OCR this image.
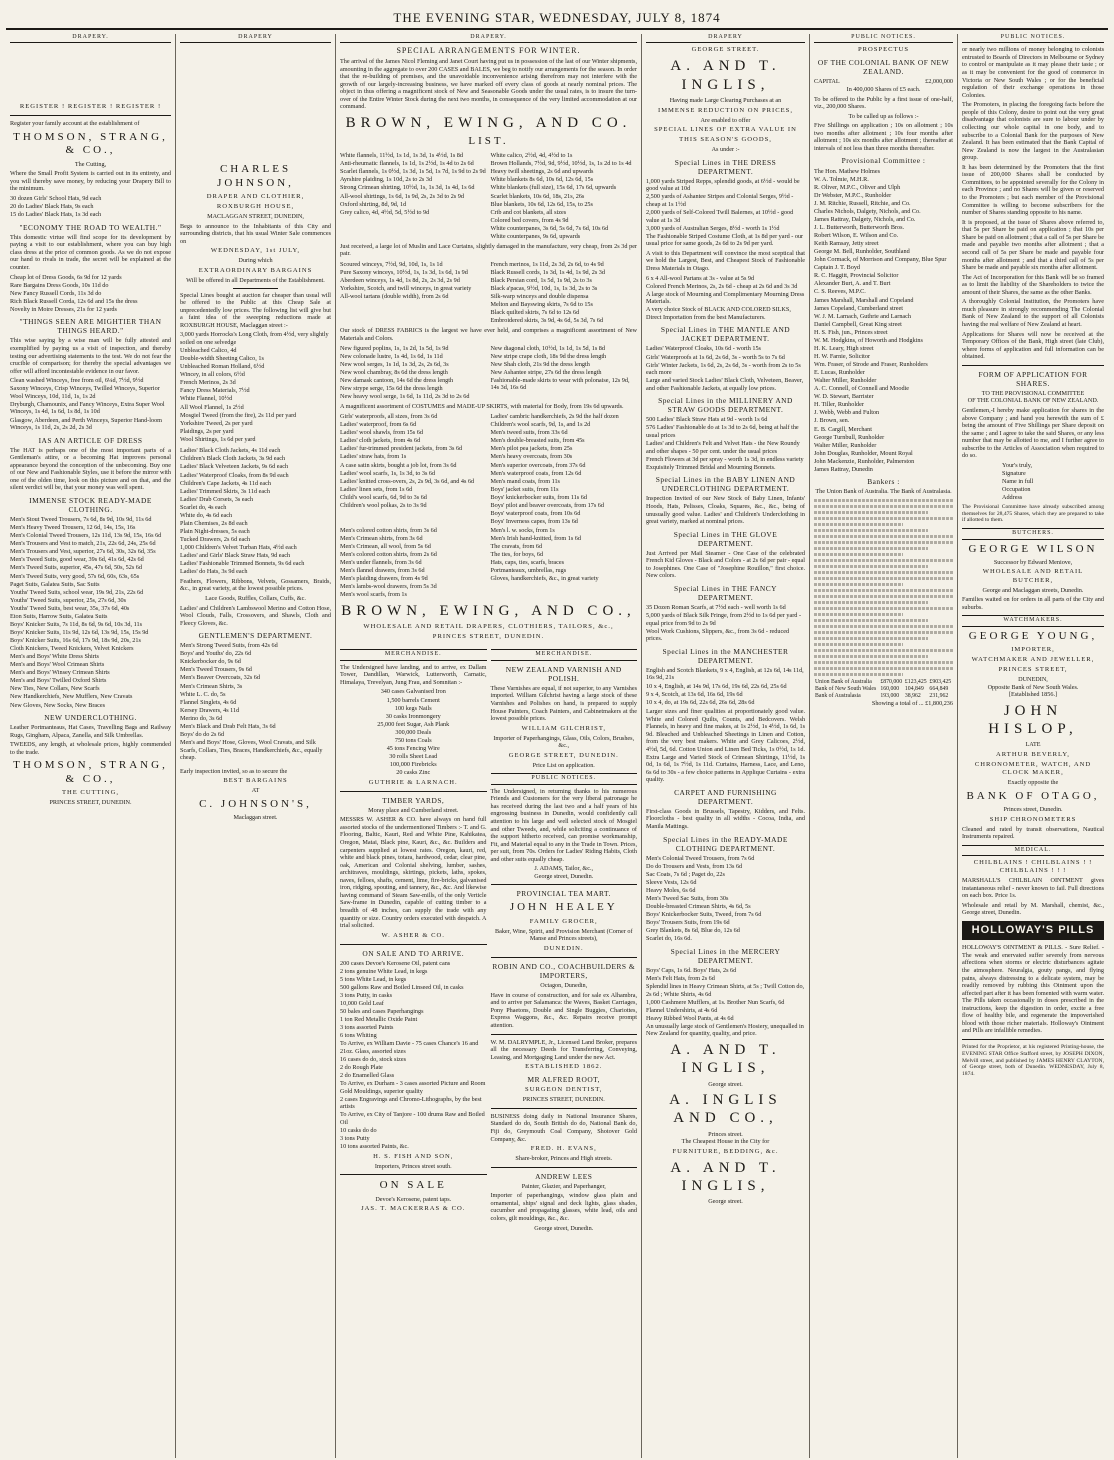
THE EVENING STAR, WEDNESDAY, JULY 8, 1874
DRAPERY.
REGISTER ! REGISTER ! REGISTER !
Register your family account at the establishment of
THOMSON, STRANG, & CO.,
The Cutting,
Where the Small Profit System is carried out in its entirety, and you will thereby save money, by reducing your Drapery Bill to the minimum.
30 dozen Girls' School Hats, 9d each
20 do Ladies' Black Hats, 9s each
15 do Ladies' Black Hats, 1s 3d each
"ECONOMY THE ROAD TO WEALTH."
This domestic virtue will find scope for its development by paying a visit to our establishment, where you can buy high class dress at the price of common goods. As we do not expose our hand to rivals in trade, the secret will be explained at the counter.
Cheap lot of Dress Goods, 6s 9d for 12 yards
Rare Bargains Dress Goods, 10s 11d do
New Fancy Russell Cords, 11s 3d do
Rich Black Russell Corda, 12s 6d and 15s the dress
Novelty in Moire Dresses, 21s for 12 yards
"THINGS SEEN ARE MIGHTIER THAN THINGS HEARD."
This wise saying by a wise man will be fully attested and exemplified by paying us a visit of inspection, and thereby testing our advertising statements to the test. We do not fear the crucible of comparison; for thereby the special advantages we offer will afford incontestable evidence in our favor.
Clean washed Winceys, free from oil, 6¼d, 7½d, 9½d
Saxony Winceys, Crisp Winceys, Twilled Winceys, Superior Wool Winceys, 10d, 11d, 1s, 1s 2d
Dryburgh, Chamounix, and Fancy Winceys, Extra Super Wool Winceys, 1s 4d, 1s 6d, 1s 8d, 1s 10d
Glasgow, Aberdeen, and Perth Winceys, Superior Hand-loom Winceys, 1s 11d, 2s, 2s 2d, 2s 3d
IAS AN ARTICLE OF DRESS
The HAT is perhaps one of the most important parts of a Gentleman's attire, or a becoming Hat improves personal appearance beyond the conception of the unbecoming. Buy one of our New and Fashionable Styles, use it before the mirror with one of the olden time, look on this picture and on that, and the silent verdict will be, that your money was well spent.
IMMENSE STOCK READY-MADE CLOTHING.
Men's Stout Tweed Trousers, 7s 6d, 8s 9d, 10s 9d, 11s 6d
Men's Heavy Tweed Trousers, 12 6d, 14s, 15s, 16s
Men's Colonial Tweed Trousers, 12s 11d, 13s 9d, 15s, 16s 6d
Men's Trousers and Vest to match, 21s, 22s 6d, 24s, 25s 6d
Men's Trousers and Vest, superior, 27s 6d, 30s, 32s 6d, 35s
Men's Tweed Suits, good wear, 39s 6d, 41s 6d, 42s 6d
Men's Tweed Suits, superior, 45s, 47s 6d, 50s, 52s 6d
Men's Tweed Suits, very good, 57s 6d, 60s, 63s, 65s
Paget Suits, Galatea Suits, Sac Suits
Youths' Tweed Suits, school wear, 19s 9d, 21s, 22s 6d
Youths' Tweed Suits, superior, 25s, 27s 6d, 30s
Youths' Tweed Suits, best wear, 35s, 37s 6d, 40s
Eton Suits, Harrow Suits, Galatea Suits
Boys' Knicker Suits, 7s 11d, 8s 6d, 9s 6d, 10s 3d, 11s
Boys' Knicker Suits, 11s 9d, 12s 6d, 13s 9d, 15s, 15s 9d
Boys' Knicker Suits, 16s 6d, 17s 9d, 18s 9d, 20s, 21s
Cloth Knickers, Tweed Knickers, Velvet Knickers
Men's and Boys' White Dress Shirts
Men's and Boys' Wool Crimean Shirts
Men's and Boys' Winsey Crimean Shirts
Men's and Boys' Twilled Oxford Shirts
New Ties, New Collars, New Scarfs
New Handkerchiefs, New Mufflers, New Cravats
New Gloves, New Socks, New Braces
NEW UNDERCLOTHING.
Leather Portmanteaus, Hat Cases, Travelling Bags and Railway Rugs, Gingham, Alpaca, Zanella, and Silk Umbrellas.
TWEEDS, any length, at wholesale prices, highly commended to the trade.
THOMSON, STRANG, & CO.,
THE CUTTING,
PRINCES STREET, DUNEDIN.
DRAPERY
CHARLES JOHNSON,
DRAPER AND CLOTHIER,
ROXBURGH HOUSE,
MACLAGGAN STREET, DUNEDIN,
Begs to announce to the Inhabitants of this City and surrounding districts, that his usual Winter Sale commences on
WEDNESDAY, 1st JULY,
During which
EXTRAORDINARY BARGAINS
Will be offered in all Departments of the Establishment.
Special Lines bought at auction far cheaper than usual will be offered to the Public at this Cheap Sale at unprecedentedly low prices. The following list will give but a faint idea of the sweeping reductions made at ROXBURGH HOUSE, Maclaggan street :-
3,000 yards Horrocks's Long Cloth, from 4½d, very slightly soiled on one selvedge
Unbleached Calico, 4d
Double-width Sheeting Calico, 1s
Unbleached Roman Holland, 6½d
Wincey, in all colors, 6½d
French Merinos, 2s 3d
Fancy Dress Materials, 7½d
White Flannel, 10½d
All Wool Flannel, 1s 2½d
Mosgiel Tweed (from the fire), 2s 11d per yard
Yorkshire Tweed, 2s per yard
Plaidings, 2s per yard
Wool Shirtings, 1s 6d per yard
Ladies' Black Cloth Jackets, 4s 11d each
Children's Black Cloth Jackets, 3s 9d each
Ladies' Black Velveteen Jackets, 9s 6d each
Ladies' Waterproof Cloaks, from 8s 9d each
Children's Cape Jackets, 4s 11d each
Ladies' Trimmed Skirts, 3s 11d each
Ladies' Drab Corsets, 3s each
Scarlet do, 4s each
White do, 4s 6d each
Plain Chemises, 2s 8d each
Plain Night-dresses, 5s each
Tucked Drawers, 2s 6d each
1,000 Children's Velvet Turban Hats, 4½d each
Ladies' and Girls' Black Straw Hats, 9d each
Ladies' Fashionable Trimmed Bonnets, 9s 6d each
Ladies' do Hats, 3s 9d each
Feathers, Flowers, Ribbons, Velvets, Gossamers, Braids, &c., in great variety, at the lowest possible prices.
Lace Goods, Ruffles, Collars, Cuffs, &c.
Ladies' and Children's Lambswool Merino and Cotton Hose, Wool Clouds, Falls, Crossovers, and Shawls, Cloth and Fleecy Gloves, &c.
GENTLEMEN'S DEPARTMENT.
Men's Strong Tweed Suits, from 42s 6d
Boys' and Youths' do, 22s 6d
Knickerbocker do, 9s 6d
Men's Tweed Trousers, 9s 6d
Men's Beaver Overcoats, 32s 6d
Men's Crimean Shirts, 3s
White L. C. do, 5s
Flannel Singlets, 4s 6d
Kersey Drawers, 4s 11d
Merino do, 3s 6d
Men's Black and Drab Felt Hats, 3s 6d
Boys' do do 2s 6d
Men's and Boys' Hose, Gloves, Wool Cravats, and Silk Scarfs, Collars, Ties, Braces, Handkerchiefs, &c., equally cheap.
Early inspection invited, so as to secure the
BEST BARGAINS
AT
C. JOHNSON'S,
Maclaggan street.
DRAPERY.
SPECIAL ARRANGEMENTS FOR WINTER.
The arrival of the James Nicol Fleming and Janet Court having put us in possession of the last of our Winter shipments, amounting in the aggregate to over 200 CASES and BALES, we beg to notify our arrangements for the season. In order that the re-building of premises, and the unavoidable inconvenience arising therefrom may not interfere with the growth of our largely-increasing business, we have marked off every class of goods at nearly nominal prices. The object in thus offering a magnificent stock of New and Seasonable Goods under the usual rates, is to insure the turn-over of the Entire Winter Stock during the next two months, in consequence of the very limited accommodation at our command.
BROWN, EWING, AND CO.
LIST.
White flannels, 11½d, 1s 1d, 1s 3d, 1s 4½d, 1s 8d
Anti-rheumatic flannels, 1s 1d, 1s 2½d, 1s 4d to 2s 6d
Scarlet flannels, 1s 0½d, 1s 3d, 1s 5d, 1s 7d, 1s 9d to 2s 9d
Ayrshire plaiding, 1s 10d, 2s to 2s 3d
Strong Crimean shirting, 10½d, 1s, 1s 3d, 1s 4d, 1s 6d
All-wool shirtings, 1s 6d, 1s 9d, 2s, 2s 3d to 2s 9d
Oxford shirting, 8d, 9d, 1d
Grey calico, 4d, 4½d, 5d, 5½d to 9d
White calico, 2½d, 4d, 4½d to 1s
Brown Hollands, 7½d, 9d, 9½d, 10½d, 1s, 1s 2d to 1s 4d
Heavy twill sheetings, 2s 6d and upwards
White blankets 8s 6d, 10s 6d, 12s 6d, 15s
White blankets (full size), 15s 6d, 17s 6d, upwards
Scarlet blankets, 10s 6d, 18s, 21s, 26s
Blue blankets, 10s 6d, 12s 6d, 15s, to 25s
Crib and cot blankets, all sizes
Colored bed covers, from 4s 9d
White counterpanes, 3s 6d, 5s 6d, 7s 6d, 10s 6d
White counterpanes, 9s 6d, upwards
Just received, a large lot of Muslin and Lace Curtains, slightly damaged in the manufacture, very cheap, from 2s 3d per pair.
Scoured winceys, 7½d, 9d, 10d, 1s, 1s 1d
Pure Saxony winceys, 10½d, 1s, 1s 3d, 1s 6d, 1s 9d
Aberdeen winceys, 1s 4d, 1s 8d, 2s, 2s 3d, 2s 9d
Yorkshire, Scotch, and twill winceys, in great variety
All-wool tartans (double width), from 2s 6d
French merinos, 1s 11d, 2s 3d, 2s 6d, to 4s 9d
Black Russell cords, 1s 3d, 1s 4d, 1s 9d, 2s 3d
Black Persian cord, 1s 5d, 1s 9d, 2s to 3s
Black a'pacas, 9½d, 10d, 1s, 1s 3d, 2s to 3s
Silk-warp winceys and double dispensa
Melton and Bayswing skirts, 7s 6d to 15s
Black quilted skirts, 7s 6d to 12s 6d
Embroidered skirts, 3s 9d, 4s 6d, 5s 3d, 7s 6d
Our stock of DRESS FABRICS is the largest we have ever held, and comprises a magnificent assortment of New Materials and Colors.
New figured poplins, 1s, 1s 2d, 1s 5d, 1s 9d
New colonade lustre, 1s 4d, 1s 6d, 1s 11d
New wool serges, 1s 1d, 1s 3d, 2s, 2s 6d, 3s
New wool chambray, 8s 6d the dress length
New damask cantoon, 14s 6d the dress length
New strype serge, 15s 6d the dress length
New heavy wool serge, 1s 6d, 1s 11d, 2s 3d to 2s 6d
New diagonal cloth, 10½d, 1s 1d, 1s 5d, 1s 8d
New stripe crape cloth, 18s 9d the dress length
New Shah cloth, 21s 9d the dress length
New Ashantee stripe, 27s 6d the dress length
Fashionable-made skirts to wear with polonaise, 12s 9d, 14s 3d, 16s 6d
A magnificent assortment of COSTUMES and MADE-UP SKIRTS, with material for Body, from 19s 6d upwards.
Girls' waterproofs, all sizes, from 3s 6d
Ladies' waterproof, from 6s 6d
Ladies' wool shawls, from 15s 6d
Ladies' cloth jackets, from 4s 6d
Ladies' fur-trimmed president jackets, from 3s 6d
Ladies' straw hats, from 1s
A case satin skirts, bought a job lot, from 3s 6d
Ladies' wool scarfs, 1s, 1s 3d, to 3s 6d
Ladies' knitted cross-overs, 2s, 2s 9d, 3s 6d, and 4s 6d
Ladies' linen sets, from 1s 6d
Child's wool scarfs, 6d, 9d to 3s 6d
Children's wool polkas, 2s to 3s 9d
Ladies' cambric handkerchiefs, 2s 9d the half dozen
Children's wool scarfs, 9d, 1s, and 1s 2d
Men's tweed suits, from 33s 6d
Men's double-breasted suits, from 45s
Men's pilot pea jackets, from 25s
Men's heavy overcoats, from 30s
Men's superior overcoats, from 37s 6d
Men's waterproof coats, from 12s 6d
Men's mand coats, from 11s
Boys' jacket suits, from 11s
Boys' knickerbocker suits, from 11s 6d
Boys' pilot and beaver overcoats, from 17s 6d
Boys' waterproof coats, from 10s 6d
Boys' Inverness capes, from 13s 6d
Men's colored cotton shirts, from 3s 6d
Men's Crimean shirts, from 3s 6d
Men's Crimean, all wool, from 5s 6d
Men's colored cotton shirts, from 2s 6d
Men's under flannels, from 3s 6d
Men's flannel drawers, from 3s 6d
Men's plaiding drawers, from 4s 9d
Men's lambs-wool drawers, from 5s 3d
Men's wool scarfs, from 1s
Men's l. w. socks, from 1s
Men's Irish hand-knitted, from 1s 6d
The cravats, from 6d
The ties, for boys, 6d
Hats, caps, ties, scarfs, braces
Portmanteaux, umbrellas, rugs
Gloves, handkerchiefs, &c., in great variety
BROWN, EWING, AND CO.,
WHOLESALE AND RETAIL DRAPERS, CLOTHIERS, TAILORS, &c.,
PRINCES STREET, DUNEDIN.
MERCHANDISE.
The Undersigned have landing, and to arrive, ex Dallam Tower, Dandillan, Warwick, Lutterworth, Carnatic, Himalaya, Trevelyan, Jung Frau, and Somnitan :-
340 cases Galvanised Iron
1,500 barrels Cement
100 kegs Nails
30 casks Ironmongery
25,000 feet Sugar, Ash Plank
300,000 Deals
750 tons Coals
45 tons Fencing Wire
30 rolls Sheet Lead
100,000 Firebricks
20 casks Zinc
GUTHRIE & LARNACH.
TIMBER YARDS,
Moray place and Cumberland street.
MESSRS W. ASHER & CO. have always on hand full assorted stocks of the undermentioned Timbers :- T. and G. Flooring, Baltic, Kauri, Red and White Pine, Kahikatea, Oregon, Matai, Black pine, Kauri, &c., &c. Builders and carpenters supplied at lowest rates. Oregon, kauri, red, white and black pines, totara, hardwood, cedar, clear pine, oak, American and Colonial shelving, lumber, sashes, architraves, mouldings, skirtings, pickets, laths, spokes, naves, felloes, shafts, cement, lime, fire-bricks, galvanised iron, ridging, spouting, and tannery, &c., &c. And likewise having command of Steam Saw-mills, of the only Verticle Saw-frame in Dunedin, capable of cutting timber to a breadth of 48 inches, can supply the trade with any quantity or size. Country orders executed with despatch. A trial solicited.
W. ASHER & CO.
ON SALE AND TO ARRIVE.
200 cases Devoe's Kerosene Oil, patent cans
2 tons genuine White Lead, in kegs
5 tons White Lead, in kegs
500 gallons Raw and Boiled Linseed Oil, in casks
3 tons Putty, in casks
10,000 Gold Leaf
50 bales and cases Paperhangings
1 ton Red Metallic Oxide Paint
3 tons assorted Paints
6 tons Whiting
To Arrive, ex William Davie - 75 cases Chance's 16 and 21oz. Glass, assorted sizes
16 cases do do, stock sizes
2 do Rough Plate
2 do Enamelled Glass
To Arrive, ex Durham - 3 cases assorted Picture and Room Gold Mouldings, superior quality
2 cases Engravings and Chromo-Lithographs, by the best artists
To Arrive, ex City of Tanjore - 100 drums Raw and Boiled Oil
10 casks do do
3 tons Putty
10 tons assorted Paints, &c.
H. S. FISH AND SON,
Importers, Princes street south.
ON SALE
Devoe's Kerosene, patent taps.
JAS. T. MACKERRAS & CO.
MERCHANDISE.
NEW ZEALAND VARNISH AND POLISH.
These Varnishes are equal, if not superior, to any Varnishes imported. William Gilchrist having a large stock of these Varnishes and Polishes on hand, is prepared to supply House Painters, Coach Painters, and Cabinetmakers at the lowest possible prices.
WILLIAM GILCHRIST,
Importer of Paperhangings, Glass, Oils, Colors, Brushes, &c.,
GEORGE STREET, DUNEDIN.
Price List on application.
PUBLIC NOTICES.
The Undersigned, in returning thanks to his numerous Friends and Customers for the very liberal patronage he has received during the last two and a half years of his engrossing business in Dunedin, would confidently call attention to his large and well selected stock of Mosgiel and other Tweeds, and, while soliciting a continuance of the support hitherto received, can promise workmanship, Fit, and Material equal to any in the Trade in Town. Prices, per suit, from 70s. Orders for Ladies' Riding Habits, Cloth and other suits equally cheap.
J. ADAMS, Tailor, &c.,
George street, Dunedin.
PROVINCIAL TEA MART.
JOHN HEALEY
FAMILY GROCER,
Baker, Wine, Spirit, and Provision Merchant (Corner of Manse and Princes streets),
DUNEDIN.
ROBIN AND CO., COACHBUILDERS & IMPORTERS,
Octagon, Dunedin,
Have in course of construction, and for sale ex Alhambra, and to arrive per Salamanca: the Waves, Basket Carriages, Pony Phaetons, Double and Single Buggies, Chariottes, Express Waggons, &c., &c. Repairs receive prompt attention.
W. M. DALRYMPLE, Jr., Licensed Land Broker, prepares all the necessary Deeds for Transferring, Conveying, Leasing, and Mortgaging Land under the new Act.
ESTABLISHED 1862.
MR ALFRED ROOT,
SURGEON DENTIST,
PRINCES STREET, DUNEDIN.
BUSINESS doing daily in National Insurance Shares, Standard do do, South British do do, National Bank do, Fiji do, Greymouth Coal Company, Shotover Gold Company, &c.
FRED. H. EVANS,
Share-broker, Princes and High streets.
ANDREW LEES
Painter, Glazier, and Paperhanger,
Importer of paperhangings, window glass plain and ornamental, ships' signal and deck lights, glass shades, cucumber and propagating glasses, white lead, oils and colors, gilt mouldings, &c., &c.
George street, Dunedin.
DRAPERY
GEORGE STREET.
A. AND T. INGLIS,
Having made Large Clearing Purchases at an
IMMENSE REDUCTION ON PRICES,
Are enabled to offer
SPECIAL LINES OF EXTRA VALUE IN
THIS SEASON'S GOODS,
As under :-
Special Lines in THE DRESS DEPARTMENT.
1,000 yards Striped Repps, splendid goods, at 6½d - would be good value at 10d
2,500 yards of Ashantee Stripes and Colonial Serges, 9½d - cheap at 1s 1½d
2,000 yards of Self-Colored Twill Balernes, at 10½d - good value at 1s 3d
3,000 yards of Australian Serges, 8½d - worth 1s 1½d
The Fashionable Striped Costume Cloth, at 1s 8d per yard - our usual price for same goods, 2s 6d to 2s 9d per yard.
A visit to this Department will convince the most sceptical that we hold the Largest, Best, and Cheapest Stock of Fashionable Dress Materials in Otago.
6 x 4 All-wool Partans at 3s - value at 5s 9d
Colored French Merinos, 2s, 2s 6d - cheap at 2s 6d and 3s 3d
A large stock of Mourning and Complimentary Mourning Dress Materials.
A very choice Stock of BLACK AND COLORED SILKS, Direct Importation from the best Manufacturers.
Special Lines in THE MANTLE AND JACKET DEPARTMENT.
Ladies' Waterproof Cloaks, 10s 6d - worth 15s
Girls' Waterproofs at 1s 6d, 2s 6d, 3s - worth 5s to 7s 6d
Girls' Winter Jackets, 1s 6d, 2s, 2s 6d, 3s - worth from 2s to 5s each more
Large and varied Stock Ladies' Black Cloth, Velveteen, Beaver, and other Fashionable Jackets, at equally low prices.
Special Lines in the MILLINERY AND STRAW GOODS DEPARTMENT.
500 Ladies' Black Straw Hats at 9d - worth 1s 6d
576 Ladies' Fashionable do at 1s 3d to 2s 6d, being at half the usual prices
Ladies' and Children's Felt and Velvet Hats - the New Roundy and other shapes - 50 per cent. under the usual prices
French Flowers at 3d per spray - worth 1s 3d, in endless variety
Exquisitely Trimmed Bridal and Mourning Bonnets.
Special Lines in the BABY LINEN AND UNDERCLOTHING DEPARTMENT.
Inspection Invited of our New Stock of Baby Linen, Infants' Hoods, Hats, Pelisses, Cloaks, Squares, &c., &c., being of unusually good value. Ladies' and Children's Underclothing in great variety, marked at nominal prices.
Special Lines in THE GLOVE DEPARTMENT.
Just Arrived per Mail Steamer - One Case of the celebrated French Kid Gloves - Black and Colors - at 2s 6d per pair - equal to Josephines. One Case of "Josephine Rouillon," first choice. New colors.
Special Lines in THE FANCY DEPARTMENT.
35 Dozen Roman Scarfs, at 7½d each - well worth 1s 6d
5,000 yards of Black Silk Fringe, from 2½d to 1s 6d per yard - equal price from 9d to 2s 9d
Wool Work Cushions, Slippers, &c., from 3s 6d - reduced prices.
Special Lines in the MANCHESTER DEPARTMENT.
English and Scotch Blankets, 9 x 4, English, at 12s 6d, 14s 11d, 16s 9d, 21s
10 x 4, English, at 14s 9d, 17s 6d, 19s 6d, 22s 6d, 25s 6d
9 x 4, Scotch, at 13s 6d, 16s 6d, 19s 6d
10 x 4, do, at 19s 6d, 22s 6d, 26s 6d, 28s 6d
Larger sizes and finer qualities at proportionately good value. White and Colored Quilts, Counts, and Bedcovers. Welsh Flannels, in heavy and fine makes, at 1s 2½d, 1s 4½d, 1s 6d, 1s 9d. Bleached and Unbleached Sheetings in Linen and Cotton, from the very best makers. White and Grey Calicoes, 2½d, 4½d, 5d, 6d. Cotton Union and Linen Bed Ticks, 1s 0½d, 1s 1d. Extra Large and Varied Stock of Crimean Shirtings, 11½d, 1s 0d, 1s 6d, 1s 7½d, 1s 11d. Curtains, Harness, Lace, and Leno, 6s 6d to 30s - a few choice patterns in Applique Curtains - extra quality.
CARPET AND FURNISHING DEPARTMENT.
First-class Goods in Brussels, Tapestry, Kidders, and Felts. Floorcloths - best quality in all widths - Cocoa, India, and Manila Mattings.
Special Lines in the READY-MADE CLOTHING DEPARTMENT.
Men's Colonial Tweed Trousers, from 7s 6d
Do do Trousers and Vests, from 13s 6d
Sac Coats, 7s 6d ; Paget do, 22s
Sleeve Vests, 12s 6d
Heavy Moles, 6s 6d
Men's Tweed Sac Suits, from 30s
Double-breasted Crimean Shirts, 4s 6d, 5s
Boys' Knickerbocker Suits, Tweed, from 7s 6d
Boys' Trousers Suits, from 19s 6d
Grey Blankets, 8s 6d, Blue do, 12s 6d
Scarlet do, 16s 6d.
Special Lines in the MERCERY DEPARTMENT.
Boys' Caps, 1s 6d. Boys' Hats, 2s 6d
Men's Felt Hats, from 2s 6d
Splendid lines in Heavy Crimean Shirts, at 5s ; Twill Cotton do, 2s 6d ; White Shirts, 4s 6d
1,000 Cashmere Mufflers, at 1s. Brother Nun Scarfs, 6d
Flannel Undershirts, at 4s 6d
Heavy Ribbed Wool Pants, at 4s 6d
An unusually large stock of Gentlemen's Hosiery, unequalled in New Zealand for quantity, quality, and price.
A. AND T. INGLIS,
George street.
A. INGLIS AND CO.,
Princes street.
The Cheapest House in the City for
FURNITURE, BEDDING, &c.
A. AND T. INGLIS,
George street.
PUBLIC NOTICES.
PROSPECTUS
OF THE COLONIAL BANK OF NEW ZEALAND.
CAPITAL	£2,000,000
In 400,000 Shares of £5 each.
To be offered to the Public by a first issue of one-half, viz., 200,000 Shares.
To be called up as follows :-
Five Shillings on application ; 10s on allotment ; 10s two months after allotment ; 10s four months after allotment ; 10s six months after allotment ; thereafter at intervals of not less than three months thereafter.
Provisional Committee :
The Hon. Mathew Holmes
W. A. Tolmie, M.H.R.
R. Oliver, M.P.C., Oliver and Ulph
Dr Webster, M.P.C., Runholder
J. M. Ritchie, Russell, Ritchie, and Co.
Charles Nichols, Dalgety, Nichols, and Co.
James Rattray, Dalgety, Nichols, and Co.
J. L. Butterworth, Butterworth Bros.
Robert Wilson, E. Wilson and Co.
Keith Ramsay, Jetty street
George M. Bell, Runholder, Southland
John Cormack, of Morrison and Company, Blue Spur
Captain J. T. Boyd
R. C. Haggitt, Provincial Solicitor
Alexander Burt, A. and T. Burt
C. S. Reeves, M.P.C.
James Marshall, Marshall and Copeland
James Copeland, Cumberland street
W. J. M. Larnach, Guthrie and Larnach
Daniel Campbell, Great King street
H. S. Fish, jun., Princes street
W. M. Hodgkins, of Howorth and Hodgkins
H. K. Leary, High street
H. W. Farnie, Solicitor
Wm. Fraser, of Strode and Fraser, Runholders
E. Lucas, Runholder
Walter Miller, Runholder
A. C. Connell, of Connell and Moodie
W. D. Stewart, Barrister
H. Tiller, Runholder
J. Webb, Webb and Fulton
J. Brown, sen.
E. B. Cargill, Merchant
George Turnbull, Runholder
Walter Miller, Runholder
John Douglas, Runholder, Mount Royal
John Mackenzie, Runholder, Palmerston
James Rattray, Dunedin
Bankers :
The Union Bank of Australia. The Bank of Australasia.
Union Bank of Australia	£870,000	£123,425	£903,425
Bank of New South Wales	160,000	104,849	664,849
Bank of Australasia	193,000	38,962	231,962
Showing a total of ... £1,800,236
PUBLIC NOTICES.
or nearly two millions of money belonging to colonists entrusted to Boards of Directors in Melbourne or Sydney to control or manipulate as it may please their taste ; or as it may be convenient for the good of commerce in Victoria or New South Wales ; or for the beneficial regulation of their exchange operations in those Colonies.
The Promoters, in placing the foregoing facts before the people of this Colony, desire to point out the very great disadvantage that colonists are sure to labour under by collecting our whole capital in one body, and to subscribe to a Colonial Bank for the purposes of New Zealand. It has been estimated that the Bank Capital of New Zealand is now the largest in the Australasian group.
It has been determined by the Promoters that the first issue of 200,000 Shares shall be conducted by Committees, to be appointed severally for the Colony in each Province ; and no Shares will be given or reserved to the Promoters ; but each member of the Provisional Committee is willing to become subscribers for the number of Shares standing opposite to his name.
It is proposed, at the issue of Shares above referred to, that 5s per Share be paid on application ; that 10s per Share be paid on allotment ; that a call of 5s per Share be made and payable two months after allotment ; that a second call of 5s per Share be made and payable four months after allotment ; and that a third call of 5s per Share be made and payable six months after allotment.
The Act of Incorporation for this Bank will be so framed as to limit the liability of the Shareholders to twice the amount of their Shares, the same as the other Banks.
A thoroughly Colonial Institution, the Promoters have much pleasure in strongly recommending The Colonial Bank of New Zealand to the support of all Colonists having the real welfare of New Zealand at heart.
Applications for Shares will now be received at the Temporary Offices of the Bank, High street (late Club), where forms of application and full information can be obtained.
FORM OF APPLICATION FOR SHARES.
TO THE PROVISIONAL COMMITTEE
OF THE COLONIAL BANK OF NEW ZEALAND.
Gentlemen,-I hereby make application for shares in the above Company ; and hand you herewith the sum of £ being the amount of Five Shillings per Share deposit on the same ; and I agree to take the said Shares, or any less number that may be allotted to me, and I further agree to subscribe to the Articles of Association when required to do so.
Your's truly,
Signature
Name in full
Occupation
Address
The Provisional Committee have already subscribed among themselves for 28,475 Shares, which they are prepared to take if allotted to them.
BUTCHERS.
GEORGE WILSON
Successor by Edward Meniove,
WHOLESALE AND RETAIL BUTCHER,
George and Maclaggan streets, Dunedin.
Families waited on for orders in all parts of the City and suburbs.
WATCHMAKERS.
GEORGE YOUNG,
IMPORTER,
WATCHMAKER AND JEWELLER,
PRINCES STREET,
DUNEDIN,
Opposite Bank of New South Wales.
[Established 1856.]
JOHN HISLOP,
LATE
ARTHUR BEVERLY,
CHRONOMETER, WATCH, AND CLOCK MAKER,
Exactly opposite the
BANK OF OTAGO,
Princes street, Dunedin.
SHIP CHRONOMETERS
Cleaned and rated by transit observations, Nautical Instruments repaired.
MEDICAL.
CHILBLAINS ! CHILBLAINS ! ! CHILBLAINS ! ! !
MARSHALL'S CHILBLAIN OINTMENT gives instantaneous relief - never known to fail. Full directions on each box. Price 1s.
Wholesale and retail by M. Marshall, chemist, &c., George street, Dunedin.
HOLLOWAY'S PILLS
HOLLOWAY'S OINTMENT & PILLS. - Sure Relief. - The weak and enervated suffer severely from nervous affections when storms or electric disturbances agitate the atmosphere. Neuralgia, gouty pangs, and flying pains, always distressing to a delicate system, may be readily removed by rubbing this Ointment upon the affected part after it has been fomented with warm water. The Pills taken occasionally in doses prescribed in the instructions, keep the digestion in order, excite a free flow of healthy bile, and regenerate the impoverished blood with those richer materials. Holloway's Ointment and Pills are infallible remedies.
Printed for the Proprietor, at his registered Printing-house, the EVENING STAR Office Stafford street, by JOSEPH DIXON, Melvill street, and published by JAMES HENRY CLAYTON, of George street, both of Dunedin. WEDNESDAY, July 8, 1874.
